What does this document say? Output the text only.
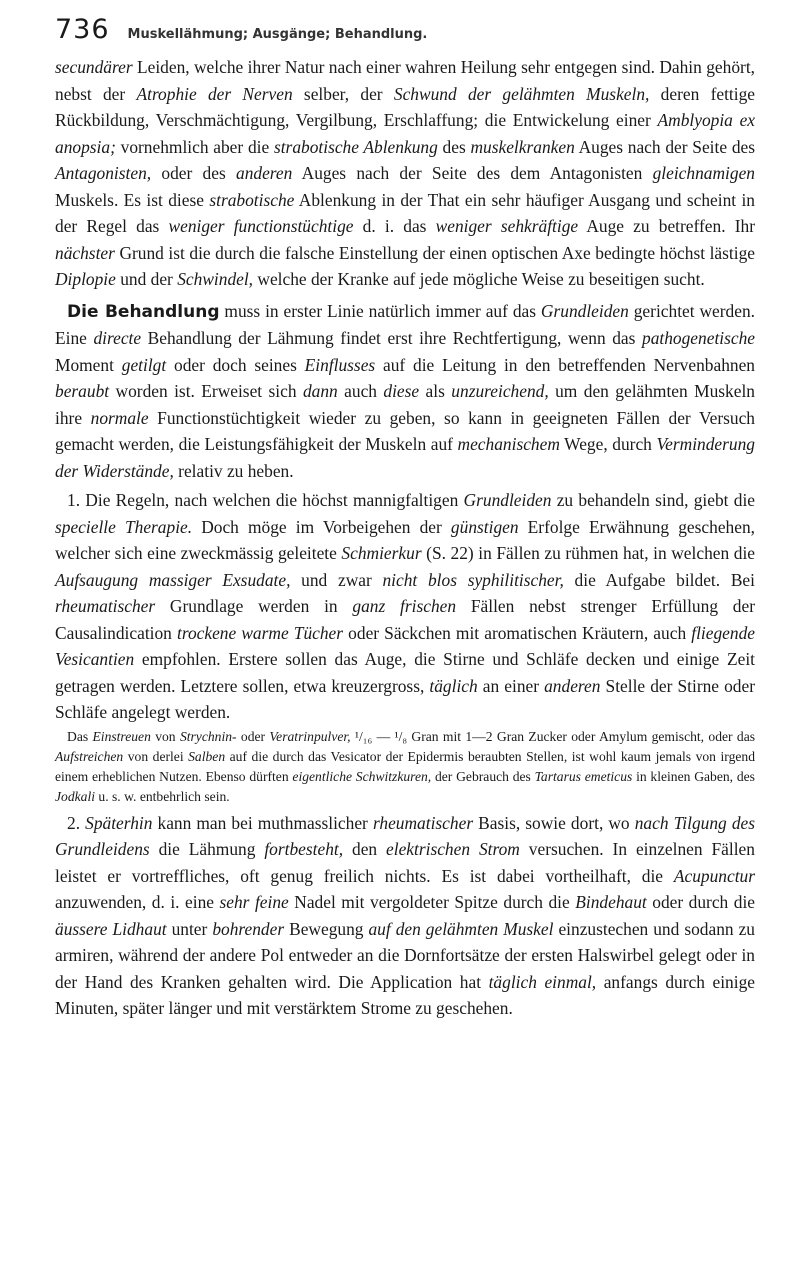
736 Muskellähmung; Ausgänge; Behandlung.

secundärer Leiden, welche ihrer Natur nach einer wahren Heilung sehr entgegen sind. Dahin gehört, nebst der Atrophie der Nerven selber, der Schwund der gelähmten Muskeln, deren fettige Rückbildung, Verschmächtigung, Vergilbung, Erschlaffung; die Entwickelung einer Amblyopia ex anopsia; vornehmlich aber die strabotische Ablenkung des muskelkranken Auges nach der Seite des Antagonisten, oder des anderen Auges nach der Seite des dem Antagonisten gleichnamigen Muskels. Es ist diese strabotische Ablenkung in der That ein sehr häufiger Ausgang und scheint in der Regel das weniger functionstüchtige d. i. das weniger sehkräftige Auge zu betreffen. Ihr nächster Grund ist die durch die falsche Einstellung der einen optischen Axe bedingte höchst lästige Diplopie und der Schwindel, welche der Kranke auf jede mögliche Weise zu beseitigen sucht.

Die Behandlung muss in erster Linie natürlich immer auf das Grundleiden gerichtet werden. Eine directe Behandlung der Lähmung findet erst ihre Rechtfertigung, wenn das pathogenetische Moment getilgt oder doch seines Einflusses auf die Leitung in den betreffenden Nervenbahnen beraubt worden ist. Erweiset sich dann auch diese als unzureichend, um den gelähmten Muskeln ihre normale Functionstüchtigkeit wieder zu geben, so kann in geeigneten Fällen der Versuch gemacht werden, die Leistungsfähigkeit der Muskeln auf mechanischem Wege, durch Verminderung der Widerstände, relativ zu heben.

1. Die Regeln, nach welchen die höchst mannigfaltigen Grundleiden zu behandeln sind, giebt die specielle Therapie. Doch möge im Vorbeigehen der günstigen Erfolge Erwähnung geschehen, welcher sich eine zweckmässig geleitete Schmierkur (S. 22) in Fällen zu rühmen hat, in welchen die Aufsaugung massiger Exsudate, und zwar nicht blos syphilitischer, die Aufgabe bildet. Bei rheumatischer Grundlage werden in ganz frischen Fällen nebst strenger Erfüllung der Causalindication trockene warme Tücher oder Säckchen mit aromatischen Kräutern, auch fliegende Vesicantien empfohlen. Erstere sollen das Auge, die Stirne und Schläfe decken und einige Zeit getragen werden. Letztere sollen, etwa kreuzergross, täglich an einer anderen Stelle der Stirne oder Schläfe angelegt werden.

Das Einstreuen von Strychnin- oder Veratrinpulver, ¹/₁₆ — ¹/₈ Gran mit 1—2 Gran Zucker oder Amylum gemischt, oder das Aufstreichen von derlei Salben auf die durch das Vesicator der Epidermis beraubten Stellen, ist wohl kaum jemals von irgend einem erheblichen Nutzen. Ebenso dürften eigentliche Schwitzkuren, der Gebrauch des Tartarus emeticus in kleinen Gaben, des Jodkali u. s. w. entbehrlich sein.

2. Späterhin kann man bei muthmasslicher rheumatischer Basis, sowie dort, wo nach Tilgung des Grundleidens die Lähmung fortbesteht, den elektrischen Strom versuchen. In einzelnen Fällen leistet er vortreffliches, oft genug freilich nichts. Es ist dabei vortheilhaft, die Acupunctur anzuwenden, d. i. eine sehr feine Nadel mit vergoldeter Spitze durch die Bindehaut oder durch die äussere Lidhaut unter bohrender Bewegung auf den gelähmten Muskel einzustechen und sodann zu armiren, während der andere Pol entweder an die Dornfortsätze der ersten Halswirbel gelegt oder in der Hand des Kranken gehalten wird. Die Application hat täglich einmal, anfangs durch einige Minuten, später länger und mit verstärktem Strome zu geschehen.
